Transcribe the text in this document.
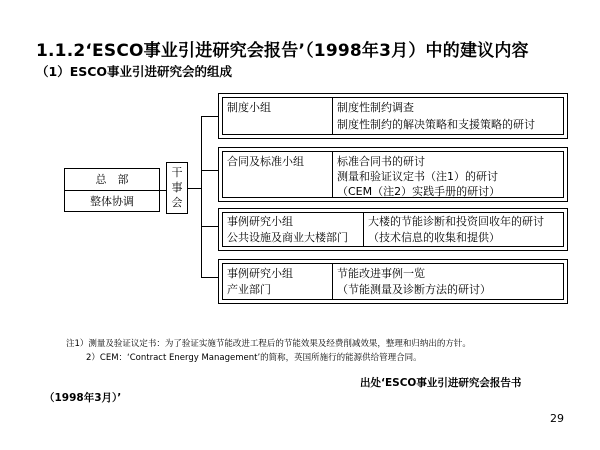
1.1.2‘ESCO事业引进研究会报告’（1998年3月）中的建议内容
（1）ESCO事业引进研究会的组成
总　部
整体协调
干
事
会
制度小组	制度性制约调查
制度性制约的解决策略和支援策略的研讨
合同及标准小组	标准合同书的研讨
测量和验证议定书（注1）的研讨
（CEM（注2）实践手册的研讨）
事例研究小组
公共设施及商业大楼部门
大楼的节能诊断和投资回收年的研讨
（技术信息的收集和提供）
事例研究小组
产业部门
节能改进事例一览
（节能测量及诊断方法的研讨）
注1）测量及验证议定书：为了验证实施节能改进工程后的节能效果及经费削减效果，整理和归纳出的方针。
2）CEM：‘Contract Energy Management’的简称，英国所施行的能源供给管理合同。
出处‘ESCO事业引进研究会报告书
（1998年3月）’
29
